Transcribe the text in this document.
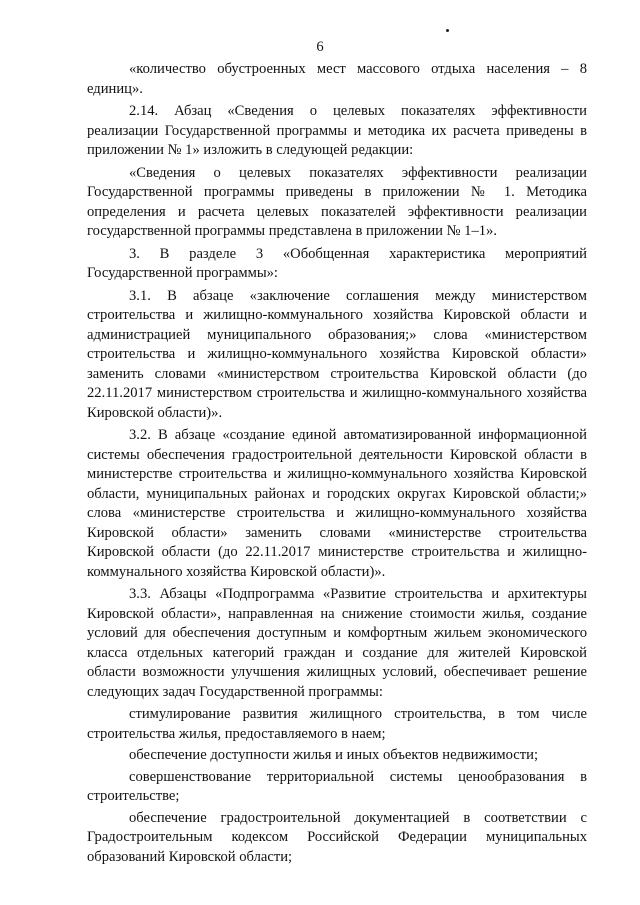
6

«количество обустроенных мест массового отдыха населения – 8 единиц».

2.14. Абзац «Сведения о целевых показателях эффективности реализации Государственной программы и методика их расчета приведены в приложении № 1» изложить в следующей редакции:

«Сведения о целевых показателях эффективности реализации Государственной программы приведены в приложении № 1. Методика определения и расчета целевых показателей эффективности реализации государственной программы представлена в приложении № 1–1».

3. В разделе 3 «Обобщенная характеристика мероприятий Государственной программы»:

3.1. В абзаце «заключение соглашения между министерством строительства и жилищно-коммунального хозяйства Кировской области и администрацией муниципального образования;» слова «министерством строительства и жилищно-коммунального хозяйства Кировской области» заменить словами «министерством строительства Кировской области (до 22.11.2017 министерством строительства и жилищно-коммунального хозяйства Кировской области)».

3.2. В абзаце «создание единой автоматизированной информационной системы обеспечения градостроительной деятельности Кировской области в министерстве строительства и жилищно-коммунального хозяйства Кировской области, муниципальных районах и городских округах Кировской области;» слова «министерстве строительства и жилищно-коммунального хозяйства Кировской области» заменить словами «министерстве строительства Кировской области (до 22.11.2017 министерстве строительства и жилищно-коммунального хозяйства Кировской области)».

3.3. Абзацы «Подпрограмма «Развитие строительства и архитектуры Кировской области», направленная на снижение стоимости жилья, создание условий для обеспечения доступным и комфортным жильем экономического класса отдельных категорий граждан и создание для жителей Кировской области возможности улучшения жилищных условий, обеспечивает решение следующих задач Государственной программы:

стимулирование развития жилищного строительства, в том числе строительства жилья, предоставляемого в наем;

обеспечение доступности жилья и иных объектов недвижимости;

совершенствование территориальной системы ценообразования в строительстве;

обеспечение градостроительной документацией в соответствии с Градостроительным кодексом Российской Федерации муниципальных образований Кировской области;
